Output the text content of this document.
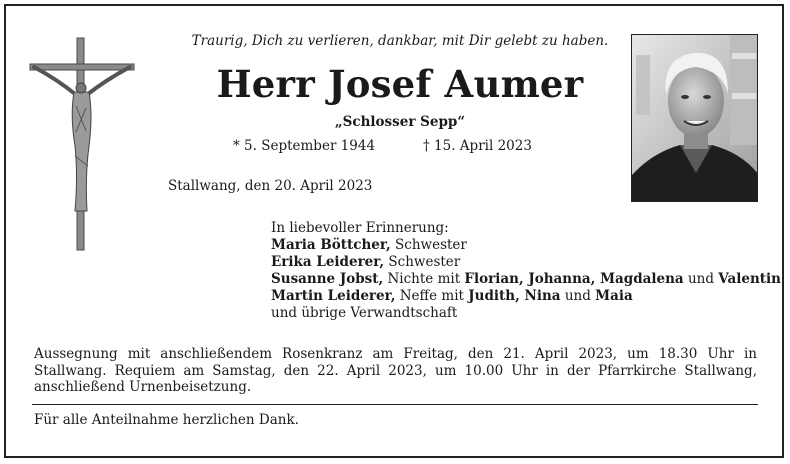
Traurig, Dich zu verlieren, dankbar, mit Dir gelebt zu haben.
Herr Josef Aumer
„Schlosser Sepp“
* 5. September 1944	† 15. April 2023
Stallwang, den 20. April 2023
In liebevoller Erinnerung:
Maria Böttcher, Schwester
Erika Leiderer, Schwester
Susanne Jobst, Nichte mit Florian, Johanna, Magdalena und Valentin
Martin Leiderer, Neffe mit Judith, Nina und Maia
und übrige Verwandtschaft
Aussegnung mit anschließendem Rosenkranz am Freitag, den 21. April 2023, um 18.30 Uhr in Stallwang. Requiem am Samstag, den 22. April 2023, um 10.00 Uhr in der Pfarrkirche Stallwang, anschließend Urnenbeisetzung.
Für alle Anteilnahme herzlichen Dank.
